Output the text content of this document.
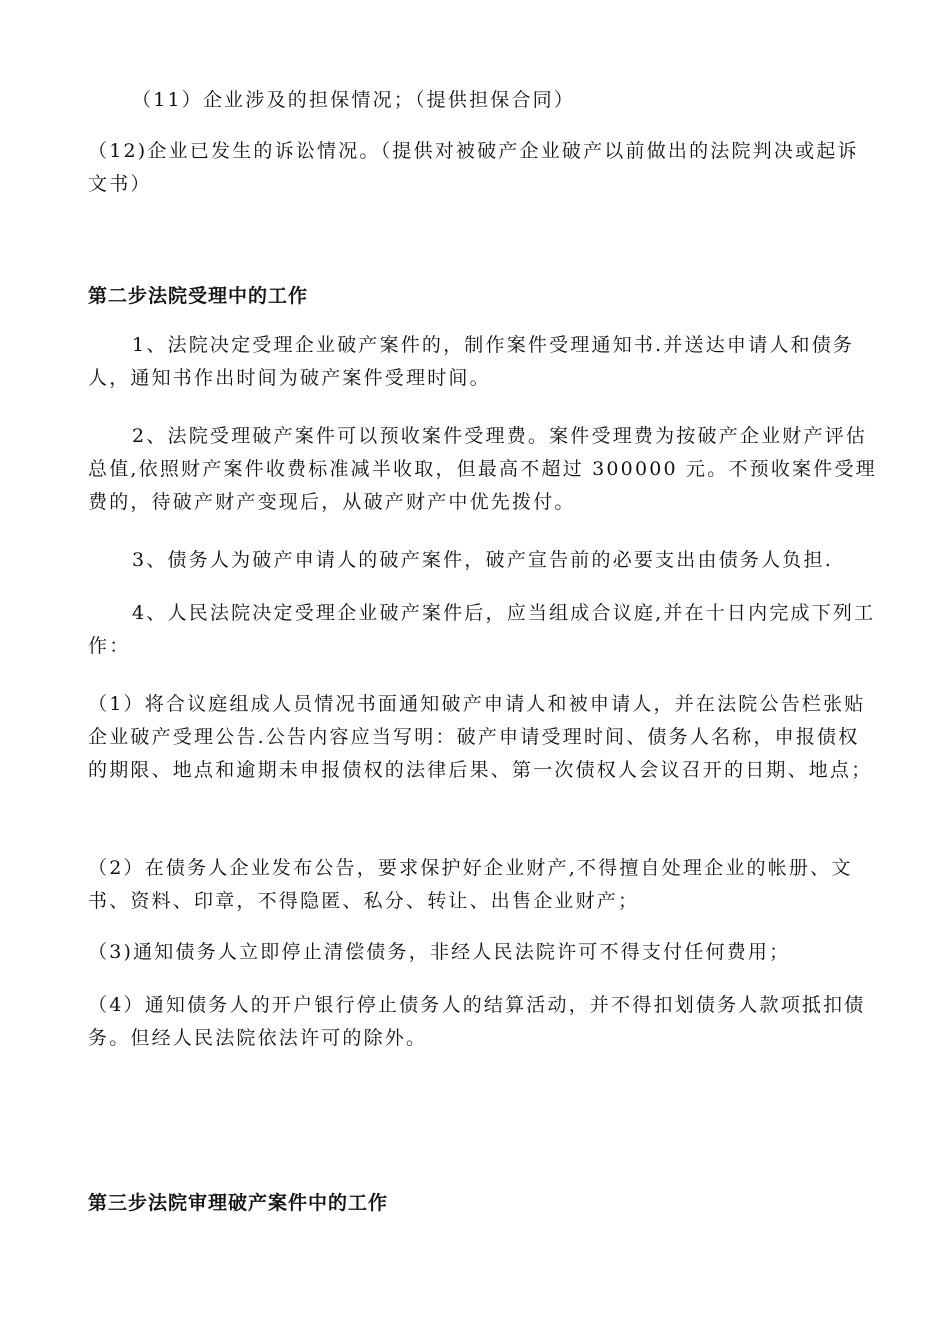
（11）企业涉及的担保情况；（提供担保合同）

（12)企业已发生的诉讼情况。（提供对被破产企业破产以前做出的法院判决或起诉文书）

第二步法院受理中的工作

1、法院决定受理企业破产案件的，制作案件受理通知书.并送达申请人和债务人，通知书作出时间为破产案件受理时间。

2、法院受理破产案件可以预收案件受理费。案件受理费为按破产企业财产评估总值,依照财产案件收费标准减半收取，但最高不超过 300000 元。不预收案件受理费的，待破产财产变现后，从破产财产中优先拨付。

3、债务人为破产申请人的破产案件，破产宣告前的必要支出由债务人负担.

4、人民法院决定受理企业破产案件后，应当组成合议庭,并在十日内完成下列工作：

（1）将合议庭组成人员情况书面通知破产申请人和被申请人，并在法院公告栏张贴企业破产受理公告.公告内容应当写明：破产申请受理时间、债务人名称，申报债权的期限、地点和逾期未申报债权的法律后果、第一次债权人会议召开的日期、地点；

（2）在债务人企业发布公告，要求保护好企业财产,不得擅自处理企业的帐册、文书、资料、印章，不得隐匿、私分、转让、出售企业财产；

（3)通知债务人立即停止清偿债务，非经人民法院许可不得支付任何费用；

（4）通知债务人的开户银行停止债务人的结算活动，并不得扣划债务人款项抵扣债务。但经人民法院依法许可的除外。

第三步法院审理破产案件中的工作
